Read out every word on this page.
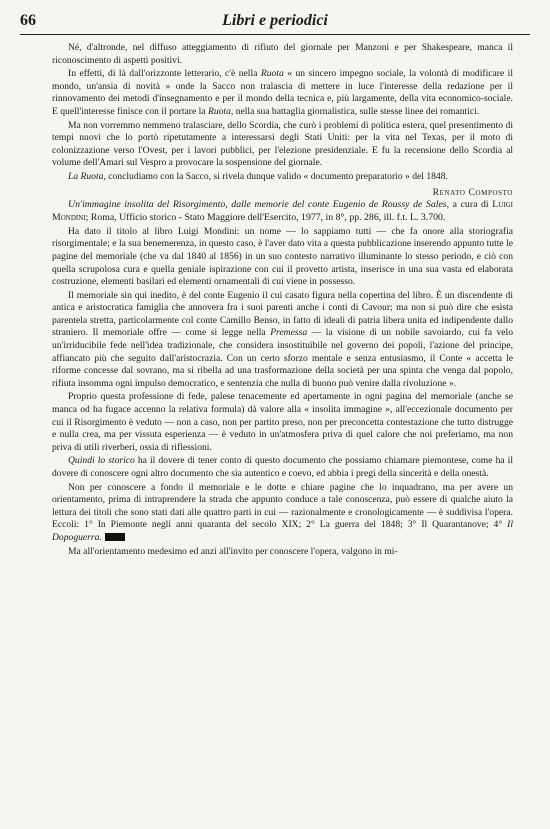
66	Libri e periodici

Né, d'altronde, nel diffuso atteggiamento di rifiuto del giornale per Manzoni e per Shakespeare, manca il riconoscimento di aspetti positivi.

In effetti, di là dall'orizzonte letterario, c'è nella Ruota « un sincero impegno sociale, la volontà di modificare il mondo, un'ansia di novità » onde la Sacco non tralascia di mettere in luce l'interesse della redazione per il rinnovamento dei metodi d'insegnamento e per il mondo della tecnica e, più largamente, della vita economico-sociale. E quell'interesse finisce con il portare la Ruota, nella sua battaglia giornalistica, sulle stesse linee dei romantici.

Ma non vorremmo nemmeno tralasciare, dello Scordia, che curò i problemi di politica estera, quel presentimento di tempi nuovi che lo portò ripetutamente a interessarsi degli Stati Uniti: per la vita nel Texas, per il moto di colonizzazione verso l'Ovest, per i lavori pubblici, per l'elezione presidenziale. E fu la recensione dello Scordia al volume dell'Amari sul Vespro a provocare la sospensione del giornale.

La Ruota, concludiamo con la Sacco, si rivela dunque valido « documento preparatorio » del 1848.

Renato Composto

Un'immagine insolita del Risorgimento, dalle memorie del conte Eugenio de Roussy de Sales, a cura di Luigi Mondini; Roma, Ufficio storico - Stato Maggiore dell'Esercito, 1977, in 8°, pp. 286, ill. f.t. L. 3.700.

Ha dato il titolo al libro Luigi Mondini: un nome — lo sappiamo tutti — che fa onore alla storiografia risorgimentale; e la sua benemerenza, in questo caso, è l'aver dato vita a questa pubblicazione inserendo appunto tutte le pagine del memoriale (che va dal 1840 al 1856) in un suo contesto narrativo illuminante lo stesso periodo, e ciò con quella scrupolosa cura e quella geniale ispirazione con cui il provetto artista, inserisce in una sua vasta ed elaborata costruzione, elementi basilari ed elementi ornamentali di cui viene in possesso.

Il memoriale sin qui inedito, è del conte Eugenio il cui casato figura nella copertina del libro. È un discendente di antica e aristocratica famiglia che annovera fra i suoi parenti anche i conti di Cavour; ma non si può dire che esista parentela stretta, particolarmente col conte Camillo Benso, in fatto di ideali di patria libera unita ed indipendente dallo straniero. Il memoriale offre — come si legge nella Premessa — la visione di un nobile savoiardo, cui fa velo un'irriducibile fede nell'idea tradizionale, che considera insostituibile nel governo dei popoli, l'azione del principe, affiancato più che seguito dall'aristocrazia. Con un certo sforzo mentale e senza entusiasmo, il Conte « accetta le riforme concesse dal sovrano, ma si ribella ad una trasformazione della società per una spinta che venga dal popolo, rifiuta insomma ogni impulso democratico, e sentenzia che nulla di buono può venire dalla rivoluzione ».

Proprio questa professione di fede, palese tenacemente ed apertamente in ogni pagina del memoriale (anche se manca od ha fugace accenno la relativa formula) dà valore alla « insolita immagine », all'eccezionale documento per cui il Risorgimento è veduto — non a caso, non per partito preso, non per preconcetta contestazione che tutto distrugge e nulla crea, ma per vissuta esperienza — è veduto in un'atmosfera priva di quel calore che noi preferiamo, ma non priva di utili riverberi, ossia di riflessioni.

Quindi lo storico ha il dovere di tener conto di questo documento che possiamo chiamare piemontese, come ha il dovere di conoscere ogni altro documento che sia autentico e coevo, ed abbia i pregi della sincerità e della onestà.

Non per conoscere a fondo il memoriale e le dotte e chiare pagine che lo inquadrano, ma per avere un orientamento, prima di intraprendere la strada che appunto conduce a tale conoscenza, può essere di qualche aiuto la lettura dei titoli che sono stati dati alle quattro parti in cui — razionalmente e cronologicamente — è suddivisa l'opera. Eccoli: 1° In Piemonte negli anni quaranta del secolo XIX; 2° La guerra del 1848; 3° Il Quarantanove; 4° Il Dopoguerra.

Ma all'orientamento medesimo ed anzi all'invito per conoscere l'opera, valgono in mi-
